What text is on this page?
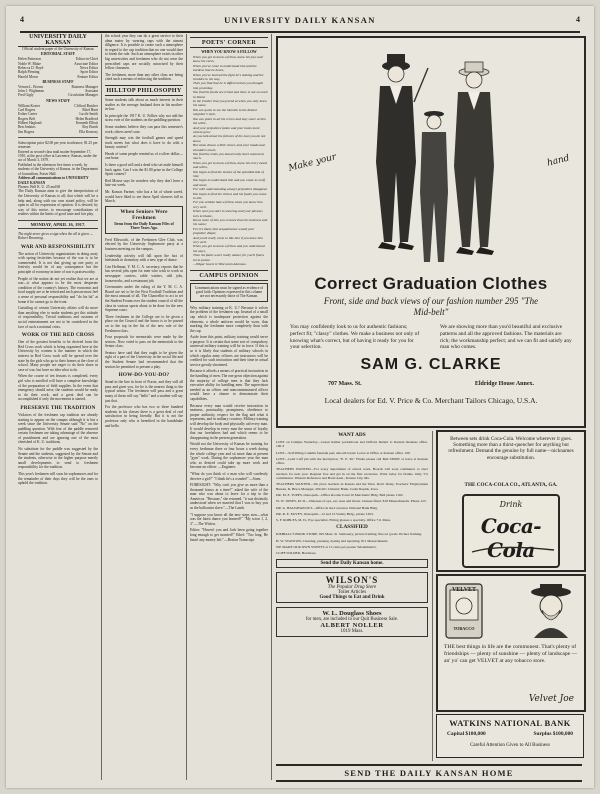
4	UNIVERSITY DAILY KANSAN	4
UNIVERSITY DAILY KANSAN

Official student paper of the University of Kansas

EDITORIAL STAFF
Helen Patterson	Editor-in-Chief
Noble W. Blake	Associate Editor
Rebecca D. Boyd	News Editor
Ralph Fleming	Sport Editor
Harold Morse	Feature Editor
BUSINESS STAFF
Vernon L. Brown	Business Manager
John J. Wightman	Assistant
Fred Gigly	Circulation Manager
NEWS STAFF
William Koster	Clifford Butcher
Carl Rogers	Ethel Hunt
Esther Carter	Lucile Smith
Rogers Belt	Helen Bradford
Hilbert Haglund	Kenneth Elliott
Ben Jenkins	Roy Booth
Jim Rogers	Ella Kornsey

Subscription price $2.00 per year in advance; $1.25 per semester.

Entered as second-class mail matter September 17, 1910, at the post office at Lawrence, Kansas, under the act of March 3, 1879.

Published in the afternoon five times a week, by students of the University of Kansas, in the Department of Journalism, Fraser Hall.

Address all communications to UNIVERSITY DAILY KANSAN

Phones: Bell K. U. 25 and 68

The Daily Kansan aims to give the interpretation of the University of Kansas to all; that which will be a help and, along with our own stated policy, will be open to all for expression of opinion. It is desired, by way of this notice, to encourage contributions of readers within the limits of good taste and fair play.

MONDAY, APRIL 16, 1917.

The night never gives a sign when the all is given — Robert Browning.

WAR AND RESPONSIBILITY

The action of University organizations in doing away with spring festivities because of the war is to be commended. It is not that giving up one party or festivity would be of any consequence but the principle of economy in time of war is praiseworthy.

People of the nation do not yet realize that we are at war—it what appears to be the most desperate condition of the country's history. The economic and food supply are to be tested and each person must feel a sense of personal responsibility and "do his bit" at home if he cannot go to the front.

Curtailing of certain University affairs will do more than anything else to make students get this attitude of responsibility. Trivial traditions and customs of social entertainment are not to be considered in the face of such a national crisis.

WORK OF THE RED CROSS

One of the greatest benefits to be derived from the Red Cross work which is being organized here at the University by women is the manner in which the interest in Red Cross work will be spread over the state by the girls who go to their homes at the close of school. Many people are eager to do their share in case of war, but have no idea what to do.

When the course of ten lessons is completed, every girl who is enrolled will have a complete knowledge of the preparation of field supplies. In the event that emergency should arise, the students would be ready to do their work, and a great deal can be accomplished if only the movement is started.

PRESERVE THE TRADITION

Violators of the freshmen cap tradition are already starting to appear on the campus although it is but a week since the University Senate said "No" on the paddling question. With fear of the paddle removed certain freshmen are taking advantage of the absence of punishment and are ignoring one of the most cherished of K. U. traditions.

No substitute for the paddle was suggested by the Senate and the students, suggested by the Senate and the students, otherwise to the higher purpose merely small developments to send to freshmen responsibility for the tradition.

This year's freshmen will soon be sophomores and for the remainder of their days they will be the ones to uphold the tradition.

the school year they can do a great service to their alma mater by wearing caps with the utmost diligence. It is possible to create such a atmosphere in regard to the cap tradition that no one would dare to break the rule. Such an atmosphere exists in other big universities and freshmen who do not wear the prescribed caps are socially ostracised by their fellow classmen.

The freshmen, more than any other class are being cited such a means of enforcing the tradition.

HILLTOP PHILOSOPHY

Some students talk about as much interest in their studies as the average husband does in his mother-in-law.

In principle the 1917 K. U. Follies why not add the straw vote of the students on the paddling question.

Some students believe they can pass this semester's work; others aren't sure.

Strength may win the football games and speed track meets but what does it have to do with a beauty contest?

Heads of some people remind us of a silver dollar—one bone.

Is there a good will and a dead who set aside himself back again. Can I win the $1.00 prize in the College Spirit contest?

Red Mouse says he wonders why they don't have a hair-cut week.

Mr. Kansas Farmer, who has a lot of wheat saved, would have liked to see those April showers fall in March.

When Seniors Were Freshmen
Items from the Daily Kansan Files of Three Years Ago.

Fred Ellsworth, of the Freshmen Glee Club, was elected by the University Sophomore party at a business meeting on the campus.

Leadership activity will fall upon the fact of bedsteads in dormitory with a new type of dance.

Can Hoffman, Y. M. C. A. secretary, reports that he has several jobs open for men who wish to work as newspaper carriers, table waiters, odd jobs, houseworks, and a restaurant job.

Ceremonies under the ruling of the Y. M. C. A. Board are set to be the First Football Tradition and the most unusual of all. The Chancellor to act to set the Student Forum over the student council of all the class in various sports about to be done for the new Supreme court.

Three freshmen in the College are to be given a place on the Council and the honor is to be passed on to the top in the list of the new rule of the Freshmen class.

Four proposals for memorials were made by the seniors. Now voted to pass on the memorials to the Senior class.

Seniors have said that they ought to be given the right of a part of the University in the social life and the Student Senate had recommended that the seniors be permitted to present a play.

HOW-DO-YOU-DO?

Stand in the line in front of Fraser, and they will all pass and greet you, for he is the nearest thing to the typical senior. The freshmen will pass and a great many of them will say "hello" and a student will say just that.

For the professor who has two or three hundred students in his classes there is a great deal of real satisfaction in being friendly. But it is not the professor only who is benefited in the handshake and hello.

POETS' CORNER
WHEN YOU KNOW A FELLOW

When you get to know a fellow, know his joys and know his cares,

When you've come to understand him and the burdens that he bears,

When you've learned the fight he's making and the troubles in his way,

Then you find that he is different than you thought him yesterday.

You find his faults are trivial and there is not so much to blame

In the brother that you jeered at when you only knew his name.

You are quick to see the blemish in the distant neighbor's style,

You can point to all his errors and may sneer at him the while,

And your prejudices fatten and your hates more violent grow

As you talk about the failures of the man you do not know,

But when drawn a little closer, and your hands and shoulders touch,

You find the traits you hated really don't amount to much.

When you get to know a fellow, know his every mood and whim,

You begin to find the texture of the splendid side of him;

You begin to understand him and you cease to scoff and sneer,

For with understanding always prejudices disappear.

You begin to find his virtues and his faults you cease to tell,

For you seldom hate a fellow when you know him very well.

When next you start in sneering and your phrases turn to blame,

Know more of him you censure than his business and his name;

For it's likely that acquaintance would your prejudice dispel,

And you'd really come to like him if you knew him very well.

When you get to know a fellow and you understand his ways,

Then his faults won't really matter, for you'll find a lot to praise.

—Edgar Guest in Wisconsin Alumnus.

CAMPUS OPINION

Communications must be signed as evidence of good faith. Opinions expressed in this column are not necessarily those of The Kansan.

Why military training at K. U.? Because it solves the problem of the freshmen cap. Instead of a small cap which is inadequate protection against the elements, a whole uniform would be worn, thus marking the freshmen more completely than with the cap.

Aside from this point, military training would serve a purpose. It is certain that some sort of compulsory universal military training will be in force. If this is so it is likely that students of military schools in which regular army officers are instructors will be credited for such instruction and their time in actual service greatly shortened.

Because it affords a means of practical instruction in the handling of men. The one great objection against the majority of college men is that they lack executive ability for handling men. The supervision needed as an officer and noncommissioned officer would have a chance to demonstrate their capabilities.

Because every man would receive instruction in neatness, punctuality, promptness, obedience to proper authority, respect for the flag and what it represents, and in military courtesy. Military training will develop the body and physically aid every man. It would develop in every man the sense of loyalty that our forefathers had and which seems to be disappearing in the present generation.

Would not the University of Kansas be training for every freshman three or four hours a week during the whole college year and sit more than at present "gym" work. During the sophomore year the man who so desired could take up more work and become an officer. —Engineer.

"What do you think of a man who will carelessly deceive a girl?" "I think he's a wonder!"—Siren.

FORESIGHT: "Why can't you give us more than a thousand francs at a time?" asked the wife of the man who was about to leave for a trip to the Americas. "Because," she returned, "it was distinctly understood when we married that I was to buy you as the balloonist slave."—The Lamb.

"I suppose you know all the new steps now—what was the latest dance you learned?" "My scion 1, 2, 3".—The Widow.

Editor: "Haven't you and Jack been going together long enough to get married?" Ethel: "Too long. He hasn't any money left."—Boston Transcript.

Make your	hand
Correct Graduation Clothes
Front, side and back views of our fashion number 295 "The Mid-belt"
You may confidently look to us for authentic fashions; perfect fit; "classy" clothes. We make a business not only of knowing what's correct, but of having it ready for you for your selection.
We are showing more than you'd beautiful and exclusive patterns and all the approved fashions. The materials are rich; the workmanship perfect; and we can fit and satisfy any man who comes.
SAM G. CLARKE
707 Mass. St.	Eldridge House Annex.
Local dealers for Ed. V. Price & Co. Merchant Tailors Chicago, U.S.A.
WANT ADS

LOST on Campus Yesterday—Green leather pocketbook and billfold. Return to Kansan business office. 100-3

LOST—Self-filling Conklin fountain pen; smooth barrel. Leave at Office or Kansan office. 100

LOST—Gold Cuff pin with the inscription, "E. E. M." Finder please call Bell 3366W or leave at Kansan office.

TEACHERS WANTED—For every department of school work. Boards will soon commence to elect teachers for next year. Register free and get in on the first vacancies. Write today for blanks. Only 5% commission. Western Reference and Bond Assn., Kansas City, Mo.

TEACHERS WANTED—We place teachers in Kansas and the West. Don't Delay. Teachers' Employment Bureau, R. Bruce Manager, 200-201 Citizens' Bank, Cedar Rapids, Iowa.

DR. M. E. TUPPS, Osteopath—Office Rooms 9 and 10 Merchants' Bldg. Bell phone 1102.

W. W. JONES, M. D.—Diseases of eye, ear, nose and throat. Glasses fitted. 818 Massachusetts. Phone 125.

DR. G. HAUGHAWOUT—Office in the Lawrence National Bank Bldg.

DR. R. E. McVEY, Osteopath—12 and 13 Varsity Bldg., phone 1203.

S. F. ROBLES, M. D., Eye specialist. Fitting glasses a specialty. Office 711 Mass.

CLASSIFIED

KIMBALL'S BOOK STORE, 825 Mass. St. Stationery, picture framing, fine art goods. Picture framing.

H. W. STANTON, Cleaning, pressing, dyeing and repairing. 811 Massachusetts.

WE MAKE OUR OWN SWEETS at 15 cents per pound. Wiedemann's.

CLIFF WILDER, Hardware.

Send the Daily Kansan home.
WILSON'S
The Popular Drug Store
Toilet Articles
Good Things to Eat and Drink
W. L. Douglass Shoes
for men, are included in our Quit Business Sale.
ALBERT NOLLER
1019 Mass.
Between sets drink Coca-Cola. Welcome wherever it goes. Something more than a thirst-quencher for anything but refreshment. Demand the genuine by full name—nicknames encourage substitution.
THE COCA-COLA CO., ATLANTA, GA.
Drink
Coca-Cola
VELVET
TOBACCO
THE best things in life are the commonest. That's plenty of friendships — plenty of sunshine — plenty of landscape — an' yo' can get VELVET at any tobacco store.
Velvet Joe
WATKINS NATIONAL BANK
Capital $100,000	Surplus $100,000
Careful Attention Given to All Business
SEND THE DAILY KANSAN HOME
